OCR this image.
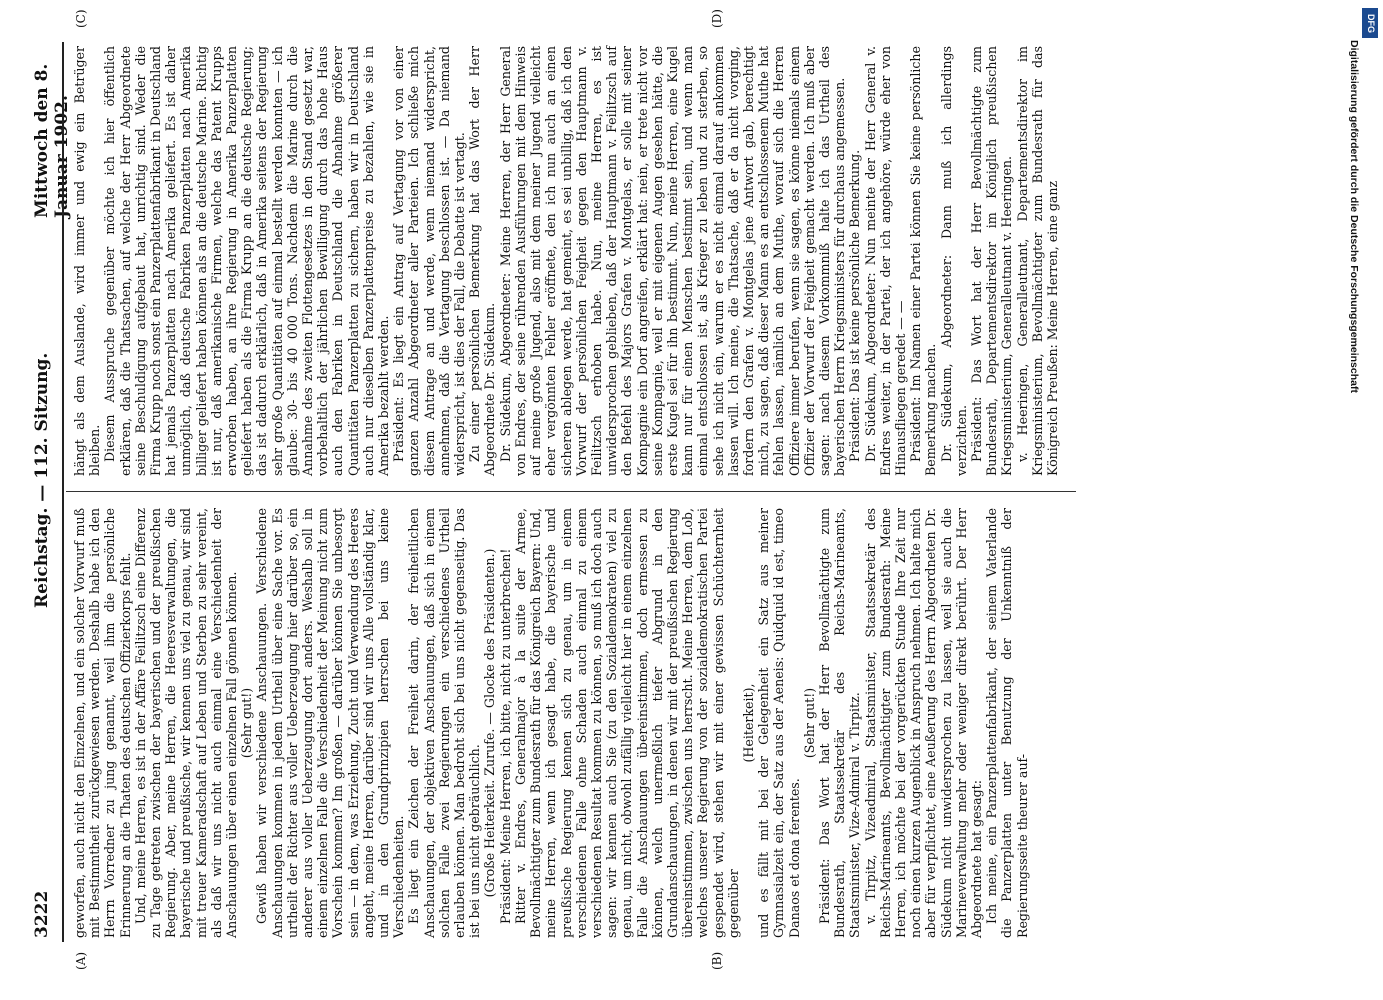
3222
Reichstag. — 112. Sitzung.
Mittwoch den 8. Januar 1902.
(A)	(B)
(C)	(D)

geworfen, auch nicht den Einzelnen, und ein solcher Vorwurf muß mit Bestimmtheit zurückgewiesen werden. Deshalb habe ich den Herrn Vorredner zu jung genannt, weil ihm die persönliche Erinnerung an die Thaten des deutschen Offizierkorps fehlt. Und, meine Herren, es ist in der Affäre Feilitzsch eine Differenz zu Tage getreten zwischen der bayerischen und der preußischen Regierung. Aber, meine Herren, die Heeresverwaltungen, die bayerische und preußische, wir kennen uns viel zu genau, wir sind mit treuer Kameradschaft auf Leben und Sterben zu sehr vereint, als daß wir uns nicht auch einmal eine Verschiedenheit der Anschauungen über einen einzelnen Fall gönnen können. (Sehr gut!) Gewiß haben wir verschiedene Anschauungen. Verschiedene Anschauungen kommen in jedem Urtheil über eine Sache vor. Es urtheilt der Richter aus voller Ueberzeugung hier darüber so, ein anderer aus voller Ueberzeugung dort anders. Weshalb soll in einem einzelnen Falle die Verschiedenheit der Meinung nicht zum Vorschein kommen? Im großen — darüber können Sie unbesorgt sein — in dem, was Erziehung, Zucht und Verwendung des Heeres angeht, meine Herren, darüber sind wir uns Alle vollständig klar, und in den Grundprinzipien herrschen bei uns keine Verschiedenheiten. Es liegt ein Zeichen der Freiheit darin, der freiheitlichen Anschauungen, der objektiven Anschauungen, daß sich in einem solchen Falle zwei Regierungen ein verschiedenes Urtheil erlauben können. Man bedroht sich bei uns nicht gegenseitig. Das ist bei uns nicht gebräuchlich. (Große Heiterkeit. Zurufe. — Glocke des Präsidenten.) Präsident: Meine Herren, ich bitte, nicht zu unterbrechen! Ritter v. Endres, Generalmajor à la suite der Armee, Bevollmächtigter zum Bundesrath für das Königreich Bayern: Und, meine Herren, wenn ich gesagt habe, die bayerische und preußische Regierung kennen sich zu genau, um in einem verschiedenen Falle ohne Schaden auch einmal zu einem verschiedenen Resultat kommen zu können, so muß ich doch auch sagen: wir kennen auch Sie (zu den Sozialdemokraten) viel zu genau, um nicht, obwohl zufällig vielleicht hier in einem einzelnen Falle die Anschauungen übereinstimmen, doch ermessen zu können, welch unermeßlich tiefer Abgrund in den Grundanschauungen, in denen wir mit der preußischen Regierung übereinstimmen, zwischen uns herrscht. Meine Herren, dem Lob, welches unserer Regierung von der sozialdemokratischen Partei gespendet wird, stehen wir mit einer gewissen Schüchternheit gegenüber

(Heiterkeit), und es fällt mit bei der Gelegenheit ein Satz aus meiner Gymnasialzeit ein, der Satz aus der Aeneis: Quidquid id est, timeo Danaos et dona ferentes.

(Sehr gut!) Präsident: Das Wort hat der Herr Bevollmächtigte zum Bundesrath, Staatssekretär des Reichs-Marineamts, Staatsminister, Vize-Admiral v. Tirpitz. v. Tirpitz, Vizeadmiral, Staatsminister, Staatssekretär des Reichs-Marineamts, Bevollmächtigter zum Bundesrath: Meine Herren, ich möchte bei der vorgerückten Stunde Ihre Zeit nur noch einen kurzen Augenblick in Anspruch nehmen. Ich halte mich aber für verpflichtet, eine Aeußerung des Herrn Abgeordneten Dr. Südekum nicht unwidersprochen zu lassen, weil sie auch die Marineverwaltung mehr oder weniger direkt berührt. Der Herr Abgeordnete hat gesagt: Ich meine, ein Panzerplattenfabrikant, der seinem Vaterlande die Panzerplatten unter Benutzung der Unkenntniß der Regierungsseite theurer auf-

hängt als dem Auslande, wird immer und ewig ein Betrüger bleiben. Diesem Ausspruche gegenüber möchte ich hier öffentlich erklären, daß die Thatsachen, auf welche der Herr Abgeordnete seine Beschuldigung aufgebaut hat, unrichtig sind. Weder die Firma Krupp noch sonst ein Panzerplattenfabrikant in Deutschland hat jemals Panzerplatten nach Amerika geliefert. Es ist daher unmöglich, daß deutsche Fabriken Panzerplatten nach Amerika billiger geliefert haben können als an die deutsche Marine. Richtig ist nur, daß amerikanische Firmen, welche das Patent Krupps erworben haben, an ihre Regierung in Amerika Panzerplatten geliefert haben als die Firma Krupp an die deutsche Regierung; das ist dadurch erklärlich, daß in Amerika seitens der Regierung sehr große Quantitäten auf einmal bestellt werden konnten — ich glaube: 30- bis 40 000 Tons. Nachdem die Marine durch die Annahme des zweiten Flottengesetzes in den Stand gesetzt war, vorbehaltlich der jährlichen Bewilligung durch das hohe Haus auch den Fabriken in Deutschland die Abnahme größerer Quantitäten Panzerplatten zu sichern, haben wir in Deutschland auch nur dieselben Panzerplattenpreise zu bezahlen, wie sie in Amerika bezahlt werden. Präsident: Es liegt ein Antrag auf Vertagung vor von einer ganzen Anzahl Abgeordneter aller Parteien. Ich schließe mich diesem Antrage an und werde, wenn niemand widerspricht, annehmen, daß die Vertagung beschlossen ist. — Da niemand widerspricht, ist dies der Fall, die Debatte ist vertagt. Zu einer persönlichen Bemerkung hat das Wort der Herr Abgeordnete Dr. Südekum. Dr. Südekum, Abgeordneter: Meine Herren, der Herr General von Endres, der seine rührenden Ausführungen mit dem Hinweis auf meine große Jugend, also mit dem meiner Jugend vielleicht eher vergönnten Fehler eröffnete, den ich nun auch an einen sicheren ablegen werde, hat gemeint, es sei unbillig, daß ich den Vorwurf der persönlichen Feigheit gegen den Hauptmann v. Feilitzsch erhoben habe. Nun, meine Herren, es ist unwidersprochen geblieben, daß der Hauptmann v. Feilitzsch auf den Befehl des Majors Grafen v. Montgelas, er solle mit seiner Kompagnie ein Dorf angreifen, erklärt hat: nein, er trete nicht vor seine Kompagnie, weil er mit eigenen Augen gesehen hätte, die erste Kugel sei für ihn bestimmt. Nun, meine Herren, eine Kugel kann nur für einen Menschen bestimmt sein, und wenn man einmal entschlossen ist, als Krieger zu leben und zu sterben, so sehe ich nicht ein, warum er es nicht einmal darauf ankommen lassen will. Ich meine, die Thatsache, daß er da nicht vorging, fordern den Grafen v. Montgelas jene Antwort gab, berechtigt mich, zu sagen, daß dieser Mann es an entschlossenem Muthe hat fehlen lassen, nämlich an dem Muthe, worauf sich die Herren Offiziere immer berufen, wenn sie sagen, es könne niemals einem Offizier der Vorwurf der Feigheit gemacht werden. Ich muß aber sagen: nach diesem Vorkommniß halte ich das Urtheil des bayerischen Herrn Kriegsministers für durchaus angemessen. Präsident: Das ist keine persönliche Bemerkung. Dr. Südekum, Abgeordneter: Nun meinte der Herr General v. Endres weiter, in der Partei, der ich angehöre, würde eher von Hinausfliegen geredet — — Präsident: Im Namen einer Partei können Sie keine persönliche Bemerkung machen. Dr. Südekum, Abgeordneter: Dann muß ich allerdings verzichten. Präsident: Das Wort hat der Herr Bevollmächtigte zum Bundesrath, Departementsdirektor im Königlich preußischen Kriegsministerium, Generalleutnant v. Heeringen. v. Heeringen, Generalleutnant, Departementsdirektor im Kriegsministerium, Bevollmächtigter zum Bundesrath für das Königreich Preußen: Meine Herren, eine ganz

DFG
Digitalisierung gefördert durch die Deutsche Forschungsgemeinschaft
